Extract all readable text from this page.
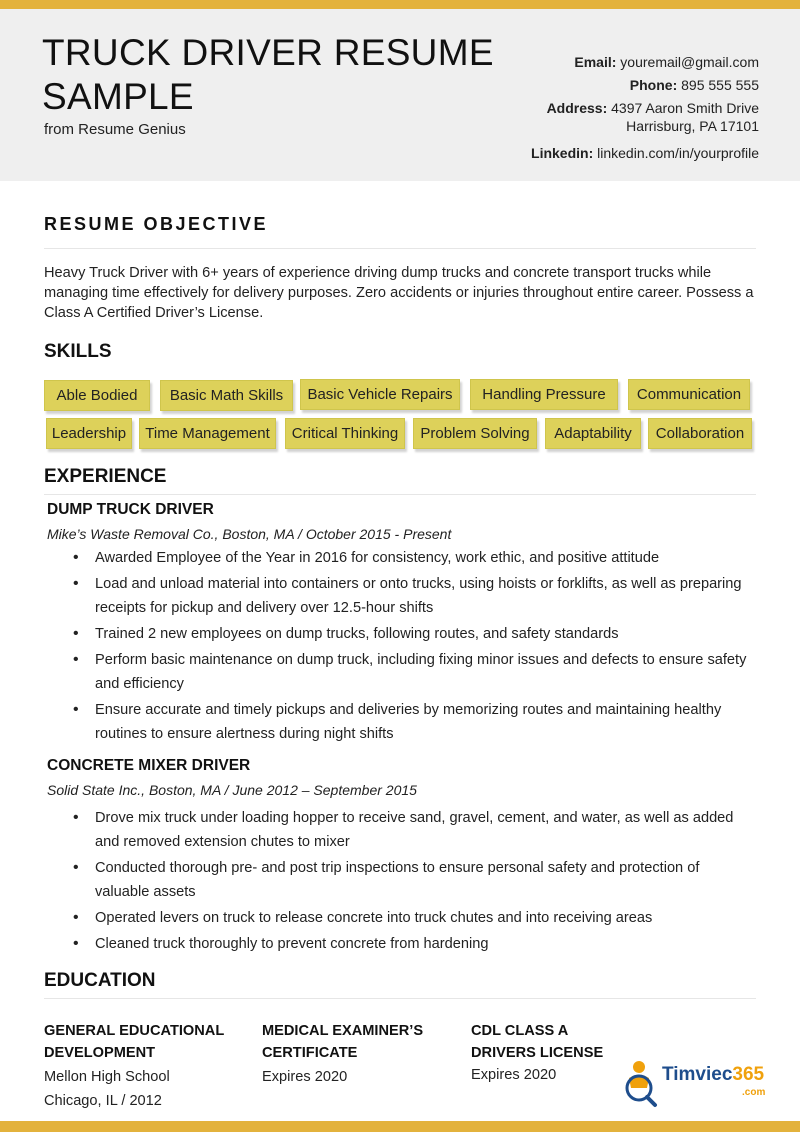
TRUCK DRIVER RESUME SAMPLE
from Resume Genius
Email: youremail@gmail.com
Phone: 895 555 555
Address: 4397 Aaron Smith Drive
Harrisburg, PA 17101
Linkedin: linkedin.com/in/yourprofile
RESUME OBJECTIVE
Heavy Truck Driver with 6+ years of experience driving dump trucks and concrete transport trucks while managing time effectively for delivery purposes. Zero accidents or injuries throughout entire career. Possess a Class A Certified Driver’s License.
SKILLS
Able Bodied	Basic Math Skills	Basic Vehicle Repairs	Handling Pressure	Communication
Leadership	Time Management	Critical Thinking	Problem Solving	Adaptability	Collaboration
EXPERIENCE
DUMP TRUCK DRIVER
Mike’s Waste Removal Co., Boston, MA / October 2015 - Present
• Awarded Employee of the Year in 2016 for consistency, work ethic, and positive attitude
• Load and unload material into containers or onto trucks, using hoists or forklifts, as well as preparing receipts for pickup and delivery over 12.5-hour shifts
• Trained 2 new employees on dump trucks, following routes, and safety standards
• Perform basic maintenance on dump truck, including fixing minor issues and defects to ensure safety and efficiency
• Ensure accurate and timely pickups and deliveries by memorizing routes and maintaining healthy routines to ensure alertness during night shifts
CONCRETE MIXER DRIVER
Solid State Inc., Boston, MA / June 2012 – September 2015
• Drove mix truck under loading hopper to receive sand, gravel, cement, and water, as well as added and removed extension chutes to mixer
• Conducted thorough pre- and post trip inspections to ensure personal safety and protection of valuable assets
• Operated levers on truck to release concrete into truck chutes and into receiving areas
• Cleaned truck thoroughly to prevent concrete from hardening
EDUCATION
GENERAL EDUCATIONAL
DEVELOPMENT
Mellon High School
Chicago, IL / 2012
MEDICAL EXAMINER’S
CERTIFICATE
Expires 2020
CDL CLASS A
DRIVERS LICENSE
Expires 2020	Timviec365
.com
